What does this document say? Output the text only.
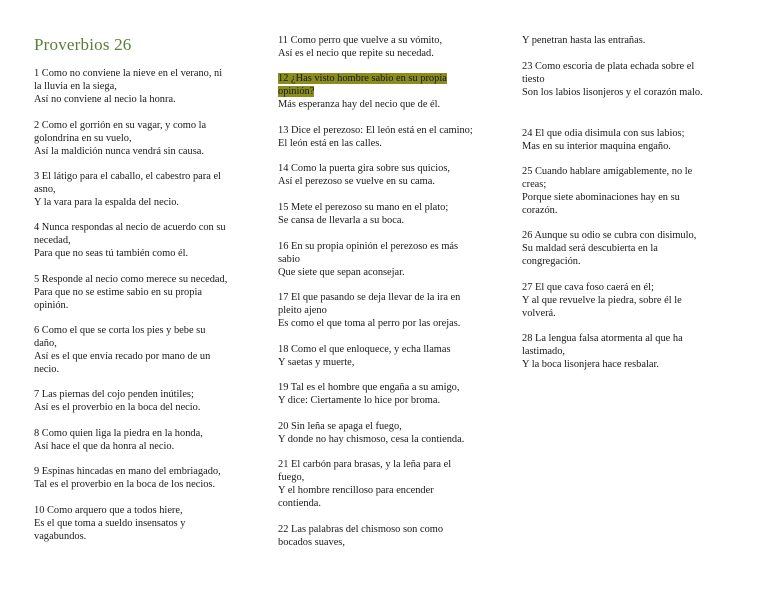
Proverbios 26
1 Como no conviene la nieve en el verano, ni
la lluvia en la siega,
Así no conviene al necio la honra.
2 Como el gorrión en su vagar, y como la
golondrina en su vuelo,
Así la maldición nunca vendrá sin causa.
3 El látigo para el caballo, el cabestro para el
asno,
Y la vara para la espalda del necio.
4 Nunca respondas al necio de acuerdo con su
necedad,
Para que no seas tú también como él.
5 Responde al necio como merece su necedad,
Para que no se estime sabio en su propia
opinión.
6 Como el que se corta los pies y bebe su
daño,
Así es el que envía recado por mano de un
necio.
7 Las piernas del cojo penden inútiles;
Así es el proverbio en la boca del necio.
8 Como quien liga la piedra en la honda,
Así hace el que da honra al necio.
9 Espinas hincadas en mano del embriagado,
Tal es el proverbio en la boca de los necios.
10 Como arquero que a todos hiere,
Es el que toma a sueldo insensatos y
vagabundos.
11 Como perro que vuelve a su vómito,
Así es el necio que repite su necedad.
12 ¿Has visto hombre sabio en su propia
opinión?
Más esperanza hay del necio que de él.
13 Dice el perezoso: El león está en el camino;
El león está en las calles.
14 Como la puerta gira sobre sus quicios,
Así el perezoso se vuelve en su cama.
15 Mete el perezoso su mano en el plato;
Se cansa de llevarla a su boca.
16 En su propia opinión el perezoso es más
sabio
Que siete que sepan aconsejar.
17 El que pasando se deja llevar de la ira en
pleito ajeno
Es como el que toma al perro por las orejas.
18 Como el que enloquece, y echa llamas
Y saetas y muerte,
19 Tal es el hombre que engaña a su amigo,
Y dice: Ciertamente lo hice por broma.
20 Sin leña se apaga el fuego,
Y donde no hay chismoso, cesa la contienda.
21 El carbón para brasas, y la leña para el
fuego,
Y el hombre rencilloso para encender
contienda.
22 Las palabras del chismoso son como
bocados suaves,
Y penetran hasta las entrañas.
23 Como escoria de plata echada sobre el
tiesto
Son los labios lisonjeros y el corazón malo.
24 El que odia disimula con sus labios;
Mas en su interior maquina engaño.
25 Cuando hablare amigablemente, no le
creas;
Porque siete abominaciones hay en su
corazón.
26 Aunque su odio se cubra con disimulo,
Su maldad será descubierta en la
congregación.
27 El que cava foso caerá en él;
Y al que revuelve la piedra, sobre él le
volverá.
28 La lengua falsa atormenta al que ha
lastimado,
Y la boca lisonjera hace resbalar.
